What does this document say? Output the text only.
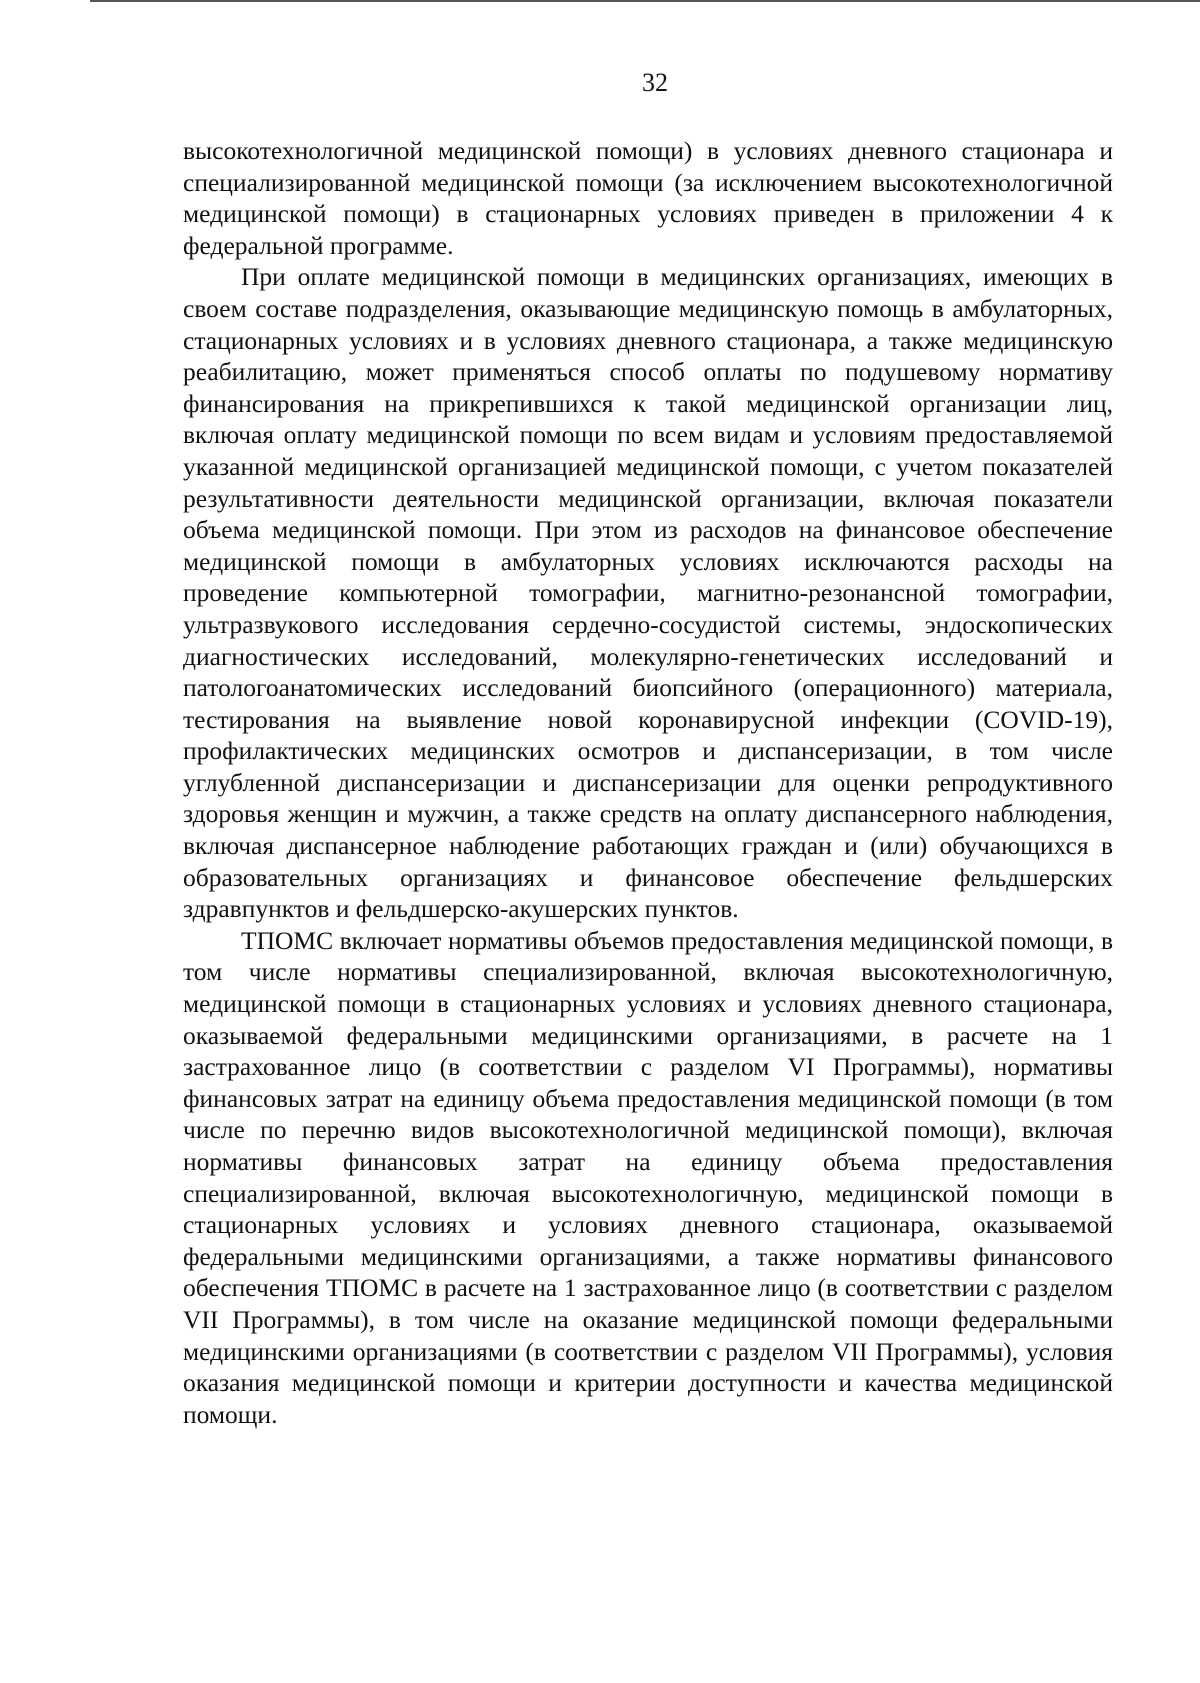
32

высокотехнологичной медицинской помощи) в условиях дневного стационара и специализированной медицинской помощи (за исключением высокотехнологичной медицинской помощи) в стационарных условиях приведен в приложении 4 к федеральной программе.

При оплате медицинской помощи в медицинских организациях, имеющих в своем составе подразделения, оказывающие медицинскую помощь в амбулаторных, стационарных условиях и в условиях дневного стационара, а также медицинскую реабилитацию, может применяться способ оплаты по подушевому нормативу финансирования на прикрепившихся к такой медицинской организации лиц, включая оплату медицинской помощи по всем видам и условиям предоставляемой указанной медицинской организацией медицинской помощи, с учетом показателей результативности деятельности медицинской организации, включая показатели объема медицинской помощи. При этом из расходов на финансовое обеспечение медицинской помощи в амбулаторных условиях исключаются расходы на проведение компьютерной томографии, магнитно-резонансной томографии, ультразвукового исследования сердечно-сосудистой системы, эндоскопических диагностических исследований, молекулярно-генетических исследований и патологоанатомических исследований биопсийного (операционного) материала, тестирования на выявление новой коронавирусной инфекции (COVID-19), профилактических медицинских осмотров и диспансеризации, в том числе углубленной диспансеризации и диспансеризации для оценки репродуктивного здоровья женщин и мужчин, а также средств на оплату диспансерного наблюдения, включая диспансерное наблюдение работающих граждан и (или) обучающихся в образовательных организациях и финансовое обеспечение фельдшерских здравпунктов и фельдшерско-акушерских пунктов.

ТПОМС включает нормативы объемов предоставления медицинской помощи, в том числе нормативы специализированной, включая высокотехнологичную, медицинской помощи в стационарных условиях и условиях дневного стационара, оказываемой федеральными медицинскими организациями, в расчете на 1 застрахованное лицо (в соответствии с разделом VI Программы), нормативы финансовых затрат на единицу объема предоставления медицинской помощи (в том числе по перечню видов высокотехнологичной медицинской помощи), включая нормативы финансовых затрат на единицу объема предоставления специализированной, включая высокотехнологичную, медицинской помощи в стационарных условиях и условиях дневного стационара, оказываемой федеральными медицинскими организациями, а также нормативы финансового обеспечения ТПОМС в расчете на 1 застрахованное лицо (в соответствии с разделом VII Программы), в том числе на оказание медицинской помощи федеральными медицинскими организациями (в соответствии с разделом VII Программы), условия оказания медицинской помощи и критерии доступности и качества медицинской помощи.
